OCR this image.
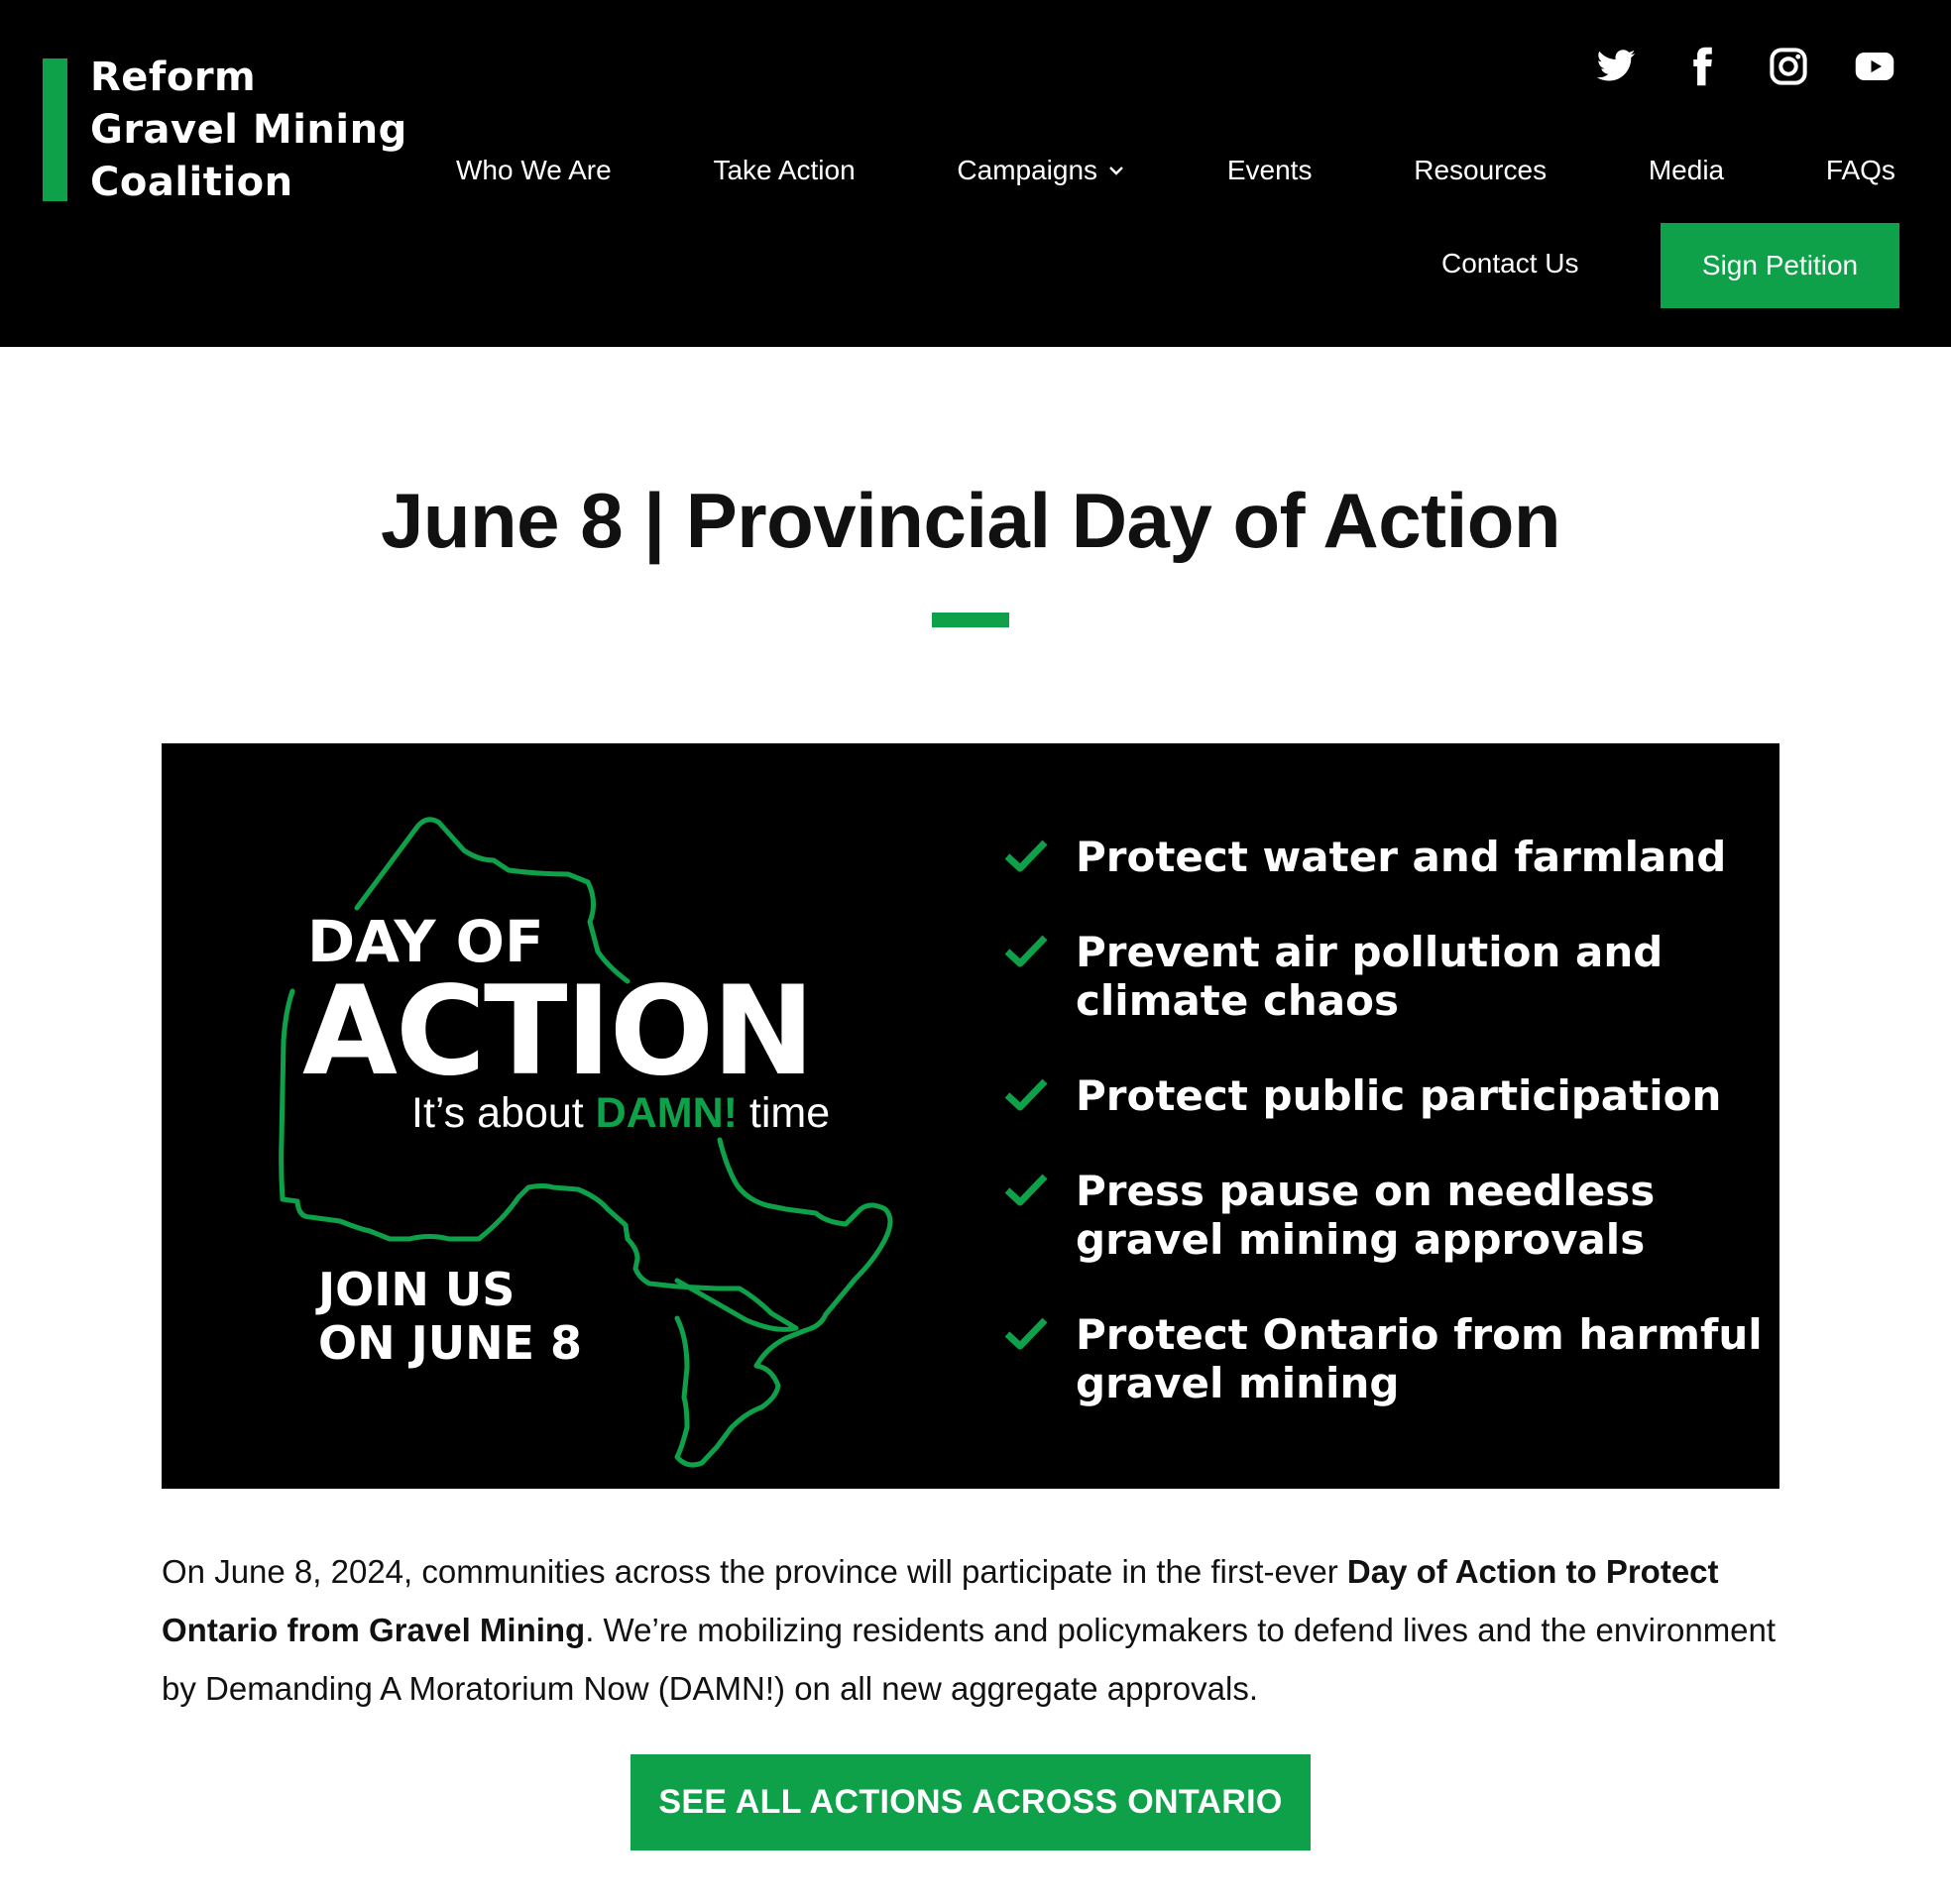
Reform
Gravel Mining
Coalition	Who We Are	Take Action	Campaigns	Events	Resources	Media	FAQs
Contact Us	Sign Petition
June 8 | Provincial Day of Action
DAY OF
ACTION
It’s about DAMN! time
JOIN US
ON JUNE 8
Protect water and farmland
Prevent air pollution and climate chaos
Protect public participation
Press pause on needless gravel mining approvals
Protect Ontario from harmful gravel mining

On June 8, 2024, communities across the province will participate in the first-ever Day of Action to Protect Ontario from Gravel Mining. We’re mobilizing residents and policymakers to defend lives and the environment by Demanding A Moratorium Now (DAMN!) on all new aggregate approvals.

SEE ALL ACTIONS ACROSS ONTARIO
